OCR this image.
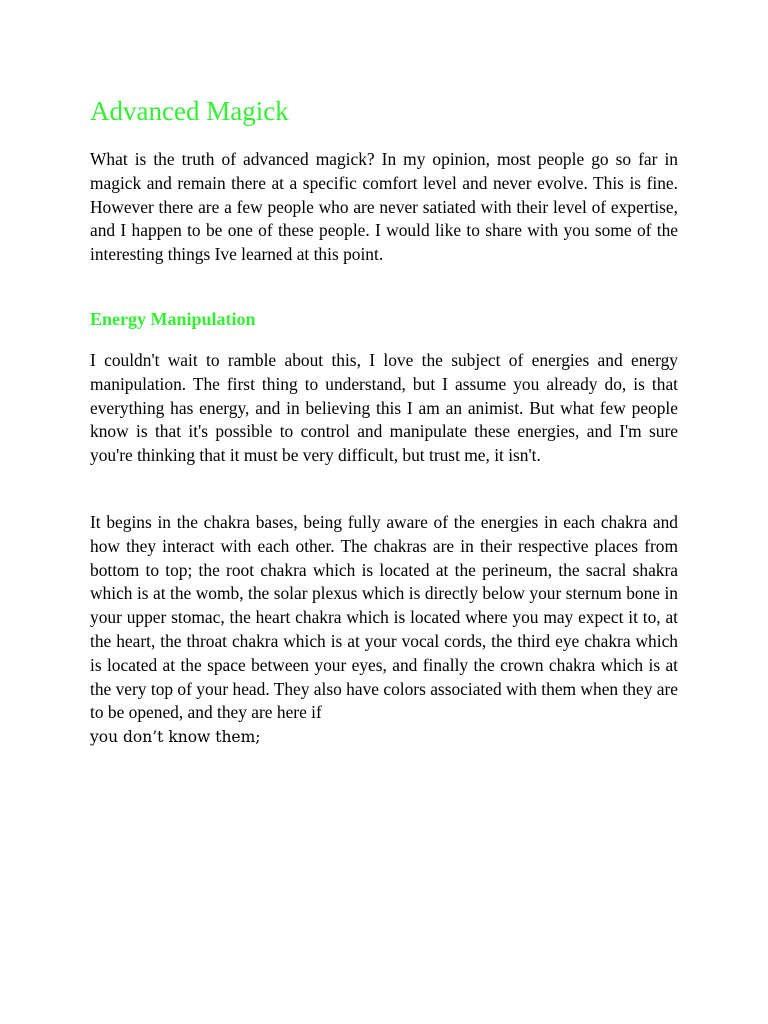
Advanced Magick

What is the truth of advanced magick? In my opinion, most people go so far in magick and remain there at a specific comfort level and never evolve. This is fine. However there are a few people who are never satiated with their level of expertise, and I happen to be one of these people. I would like to share with you some of the interesting things Ive learned at this point.

Energy Manipulation

I couldn't wait to ramble about this, I love the subject of energies and energy manipulation. The first thing to understand, but I assume you already do, is that everything has energy, and in believing this I am an animist. But what few people know is that it's possible to control and manipulate these energies, and I'm sure you're thinking that it must be very difficult, but trust me, it isn't.

It begins in the chakra bases, being fully aware of the energies in each chakra and how they interact with each other. The chakras are in their respective places from bottom to top; the root chakra which is located at the perineum, the sacral shakra which is at the womb, the solar plexus which is directly below your sternum bone in your upper stomac, the heart chakra which is located where you may expect it to, at the heart, the throat chakra which is at your vocal cords, the third eye chakra which is located at the space between your eyes, and finally the crown chakra which is at the very top of your head. They also have colors associated with them when they are to be opened, and they are here if
you don’t know them;
